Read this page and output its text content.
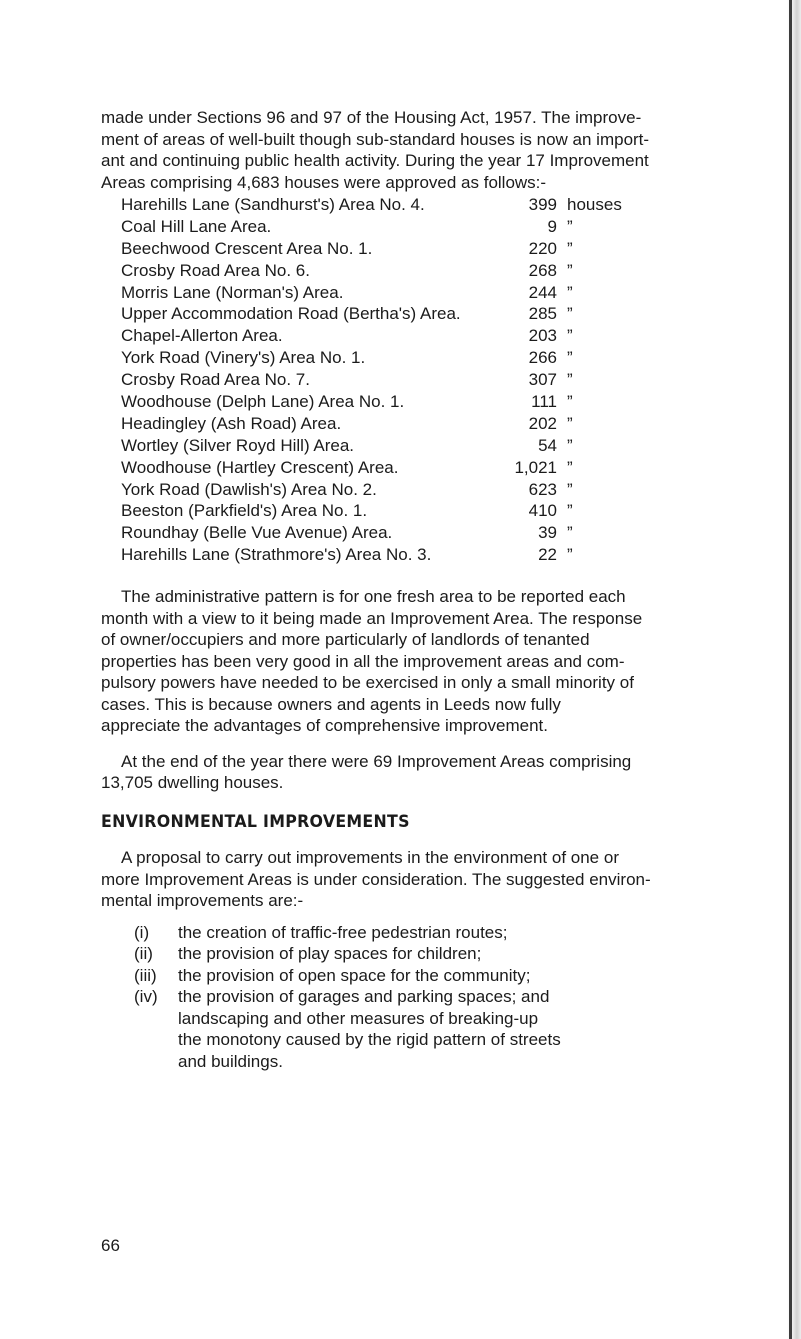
made under Sections 96 and 97 of the Housing Act, 1957. The improve-
ment of areas of well-built though sub-standard houses is now an import-
ant and continuing public health activity. During the year 17 Improvement
Areas comprising 4,683 houses were approved as follows:-

Harehills Lane (Sandhurst's) Area No. 4.	399 houses
Coal Hill Lane Area.	9 ”
Beechwood Crescent Area No. 1.	220 ”
Crosby Road Area No. 6.	268 ”
Morris Lane (Norman's) Area.	244 ”
Upper Accommodation Road (Bertha's) Area.	285 ”
Chapel-Allerton Area.	203 ”
York Road (Vinery's) Area No. 1.	266 ”
Crosby Road Area No. 7.	307 ”
Woodhouse (Delph Lane) Area No. 1.	111 ”
Headingley (Ash Road) Area.	202 ”
Wortley (Silver Royd Hill) Area.	54 ”
Woodhouse (Hartley Crescent) Area.	1,021 ”
York Road (Dawlish's) Area No. 2.	623 ”
Beeston (Parkfield's) Area No. 1.	410 ”
Roundhay (Belle Vue Avenue) Area.	39 ”
Harehills Lane (Strathmore's) Area No. 3.	22 ”

The administrative pattern is for one fresh area to be reported each
month with a view to it being made an Improvement Area. The response
of owner/occupiers and more particularly of landlords of tenanted
properties has been very good in all the improvement areas and com-
pulsory powers have needed to be exercised in only a small minority of
cases. This is because owners and agents in Leeds now fully
appreciate the advantages of comprehensive improvement.

At the end of the year there were 69 Improvement Areas comprising
13,705 dwelling houses.

ENVIRONMENTAL IMPROVEMENTS

A proposal to carry out improvements in the environment of one or
more Improvement Areas is under consideration. The suggested environ-
mental improvements are:-

(i)	the creation of traffic-free pedestrian routes;
(ii)	the provision of play spaces for children;
(iii)	the provision of open space for the community;
(iv)	the provision of garages and parking spaces; and
landscaping and other measures of breaking-up
the monotony caused by the rigid pattern of streets
and buildings.
66
